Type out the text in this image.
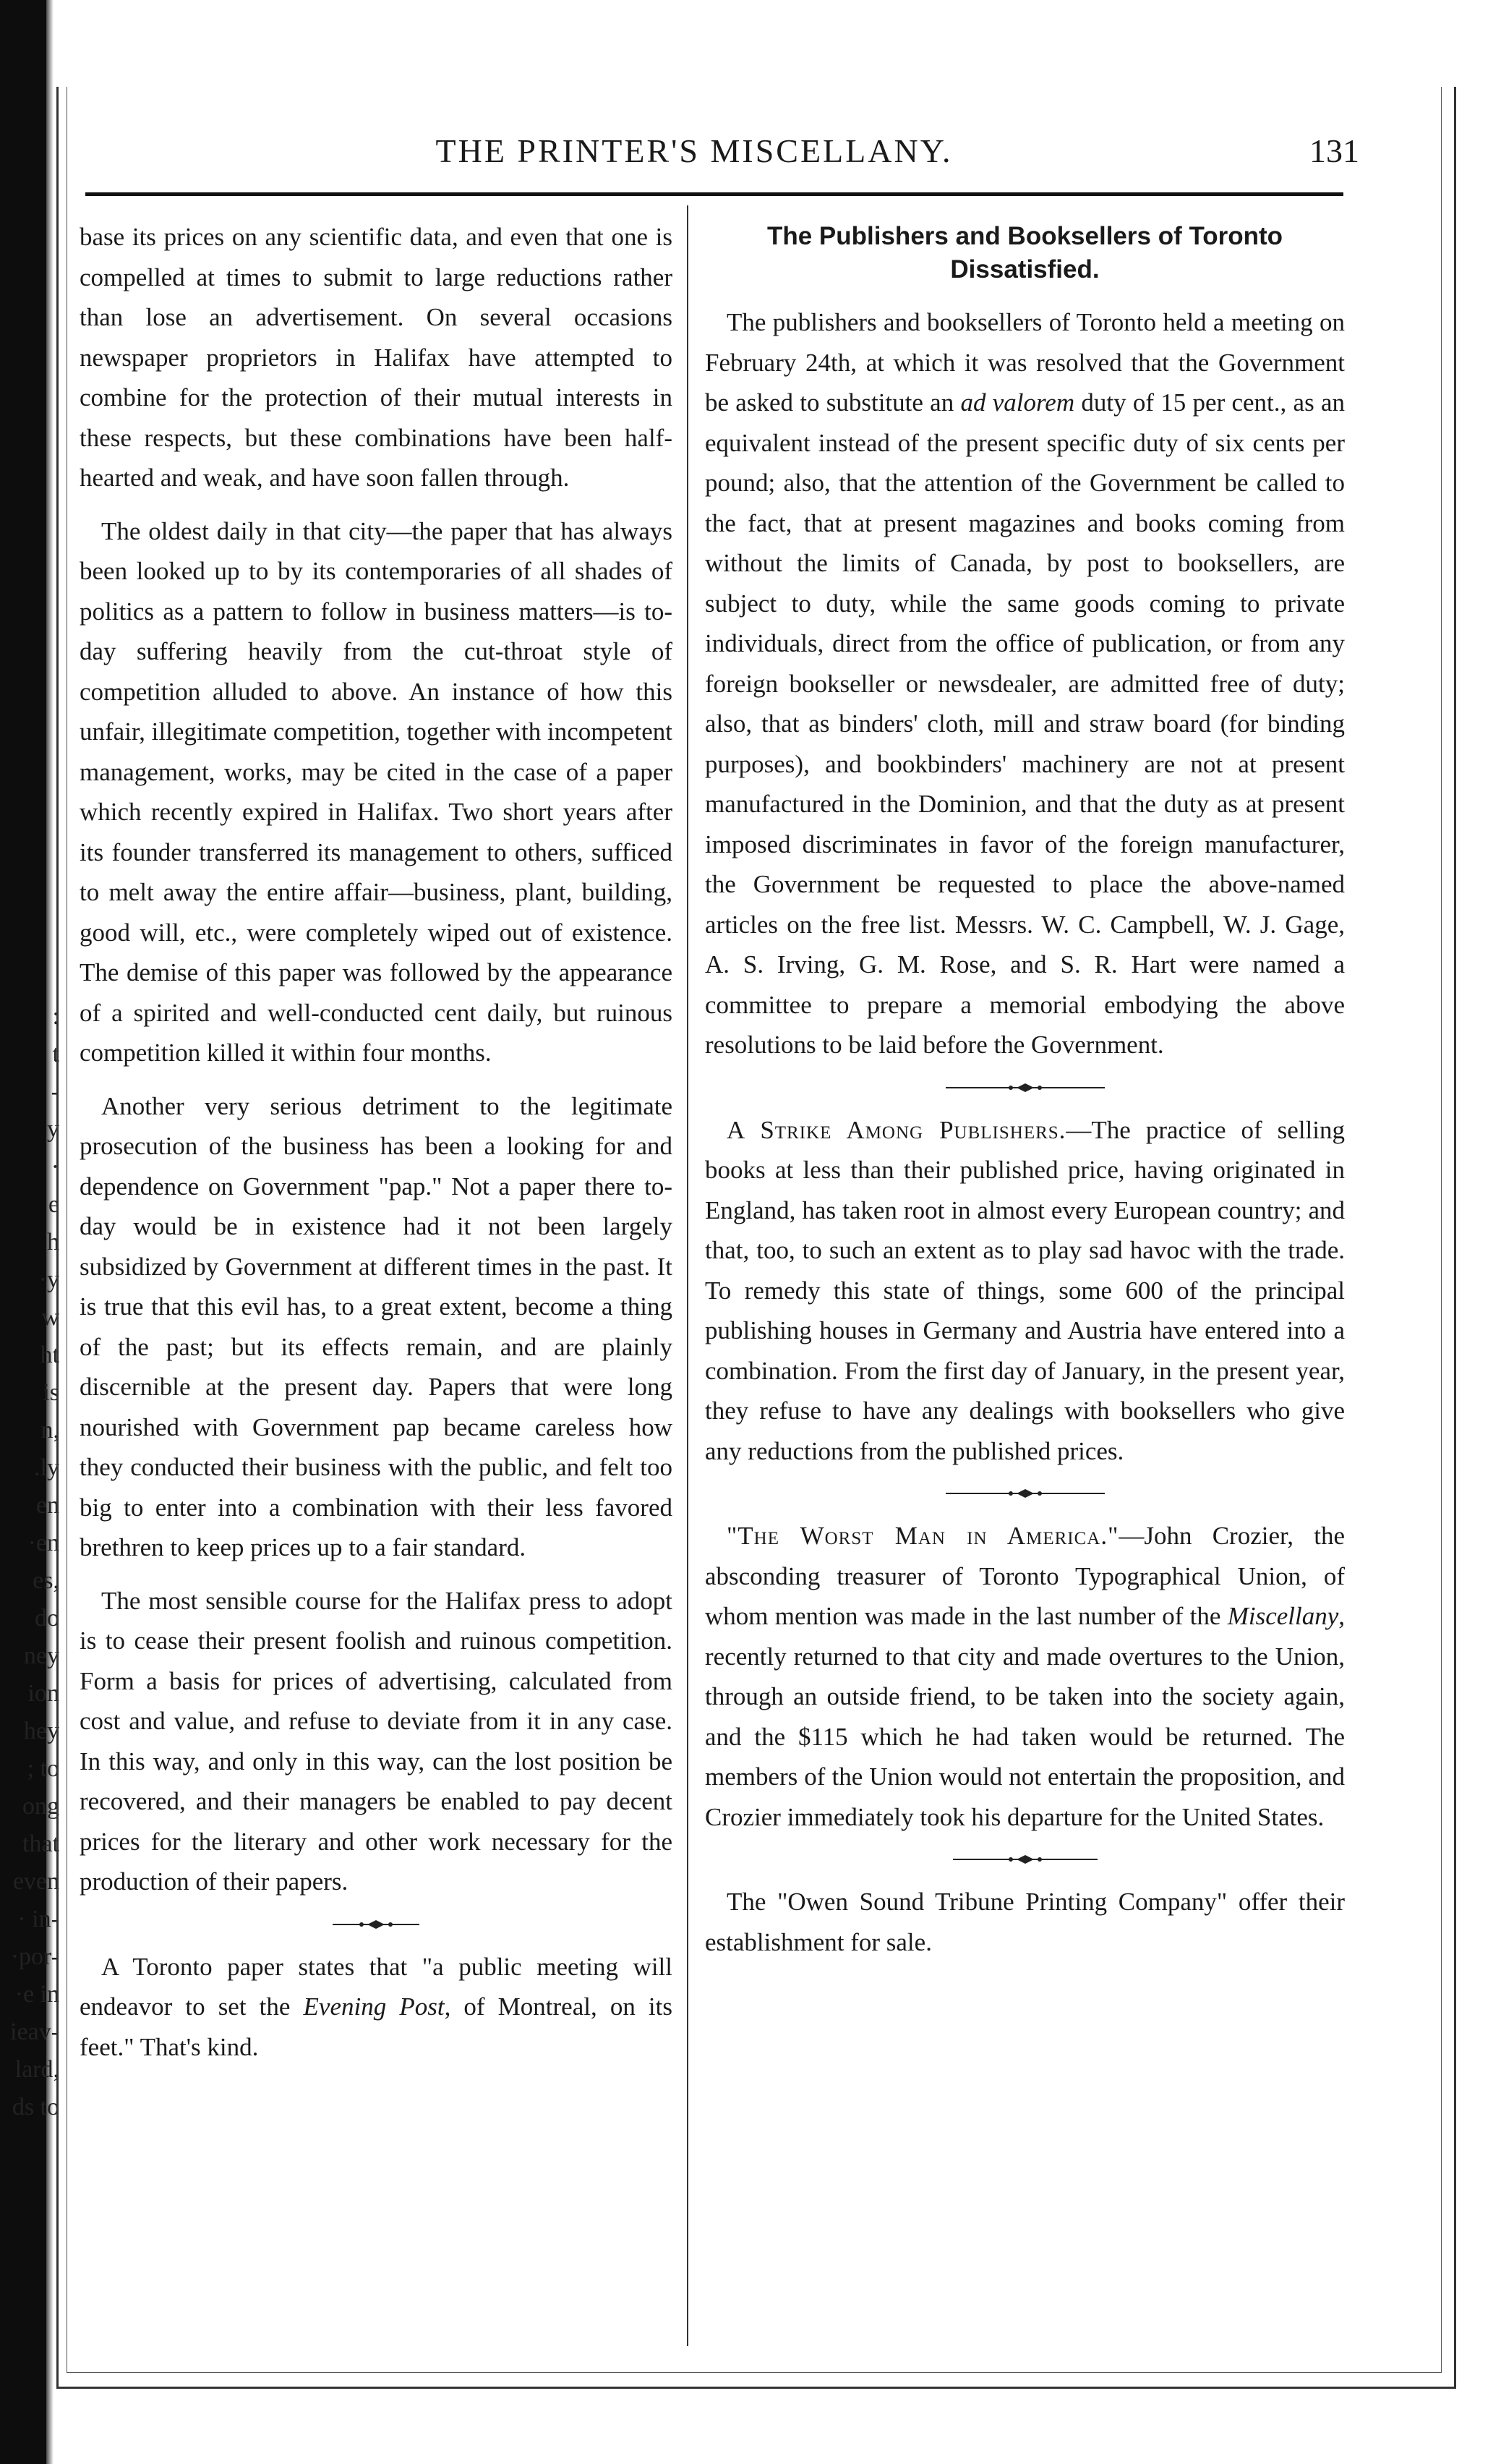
:
t
-
y
·
e
h
·y
w
ht
is
n,
.ly
en
·en
es,
do
ney
ion
hey
; to
ong
that
even
· in-
·por-
·e in
ieav-
lard,
ds to
THE PRINTER'S MISCELLANY.	131

base its prices on any scientific data, and even that one is compelled at times to submit to large reductions rather than lose an advertisement. On several occasions newspaper proprietors in Halifax have attempted to combine for the protection of their mutual interests in these respects, but these combinations have been half-hearted and weak, and have soon fallen through.

The oldest daily in that city—the paper that has always been looked up to by its contemporaries of all shades of politics as a pattern to follow in business matters—is to-day suffering heavily from the cut-throat style of competition alluded to above. An instance of how this unfair, illegitimate competition, together with incompetent management, works, may be cited in the case of a paper which recently expired in Halifax. Two short years after its founder transferred its management to others, sufficed to melt away the entire affair—business, plant, building, good will, etc., were completely wiped out of existence. The demise of this paper was followed by the appearance of a spirited and well-conducted cent daily, but ruinous competition killed it within four months.

Another very serious detriment to the legitimate prosecution of the business has been a looking for and dependence on Government "pap." Not a paper there to-day would be in existence had it not been largely subsidized by Government at different times in the past. It is true that this evil has, to a great extent, become a thing of the past; but its effects remain, and are plainly discernible at the present day. Papers that were long nourished with Government pap became careless how they conducted their business with the public, and felt too big to enter into a combination with their less favored brethren to keep prices up to a fair standard.

The most sensible course for the Halifax press to adopt is to cease their present foolish and ruinous competition. Form a basis for prices of advertising, calculated from cost and value, and refuse to deviate from it in any case. In this way, and only in this way, can the lost position be recovered, and their managers be enabled to pay decent prices for the literary and other work necessary for the production of their papers.

A Toronto paper states that "a public meeting will endeavor to set the Evening Post, of Montreal, on its feet." That's kind.

The Publishers and Booksellers of Toronto Dissatisfied.

The publishers and booksellers of Toronto held a meeting on February 24th, at which it was resolved that the Government be asked to substitute an ad valorem duty of 15 per cent., as an equivalent instead of the present specific duty of six cents per pound; also, that the attention of the Government be called to the fact, that at present magazines and books coming from without the limits of Canada, by post to booksellers, are subject to duty, while the same goods coming to private individuals, direct from the office of publication, or from any foreign bookseller or newsdealer, are admitted free of duty; also, that as binders' cloth, mill and straw board (for binding purposes), and bookbinders' machinery are not at present manufactured in the Dominion, and that the duty as at present imposed discriminates in favor of the foreign manufacturer, the Government be requested to place the above-named articles on the free list. Messrs. W. C. Campbell, W. J. Gage, A. S. Irving, G. M. Rose, and S. R. Hart were named a committee to prepare a memorial embodying the above resolutions to be laid before the Government.

A Strike Among Publishers.—The practice of selling books at less than their published price, having originated in England, has taken root in almost every European country; and that, too, to such an extent as to play sad havoc with the trade. To remedy this state of things, some 600 of the principal publishing houses in Germany and Austria have entered into a combination. From the first day of January, in the present year, they refuse to have any dealings with booksellers who give any reductions from the published prices.

"The Worst Man in America."—John Crozier, the absconding treasurer of Toronto Typographical Union, of whom mention was made in the last number of the Miscellany, recently returned to that city and made overtures to the Union, through an outside friend, to be taken into the society again, and the $115 which he had taken would be returned. The members of the Union would not entertain the proposition, and Crozier immediately took his departure for the United States.

The "Owen Sound Tribune Printing Company" offer their establishment for sale.
